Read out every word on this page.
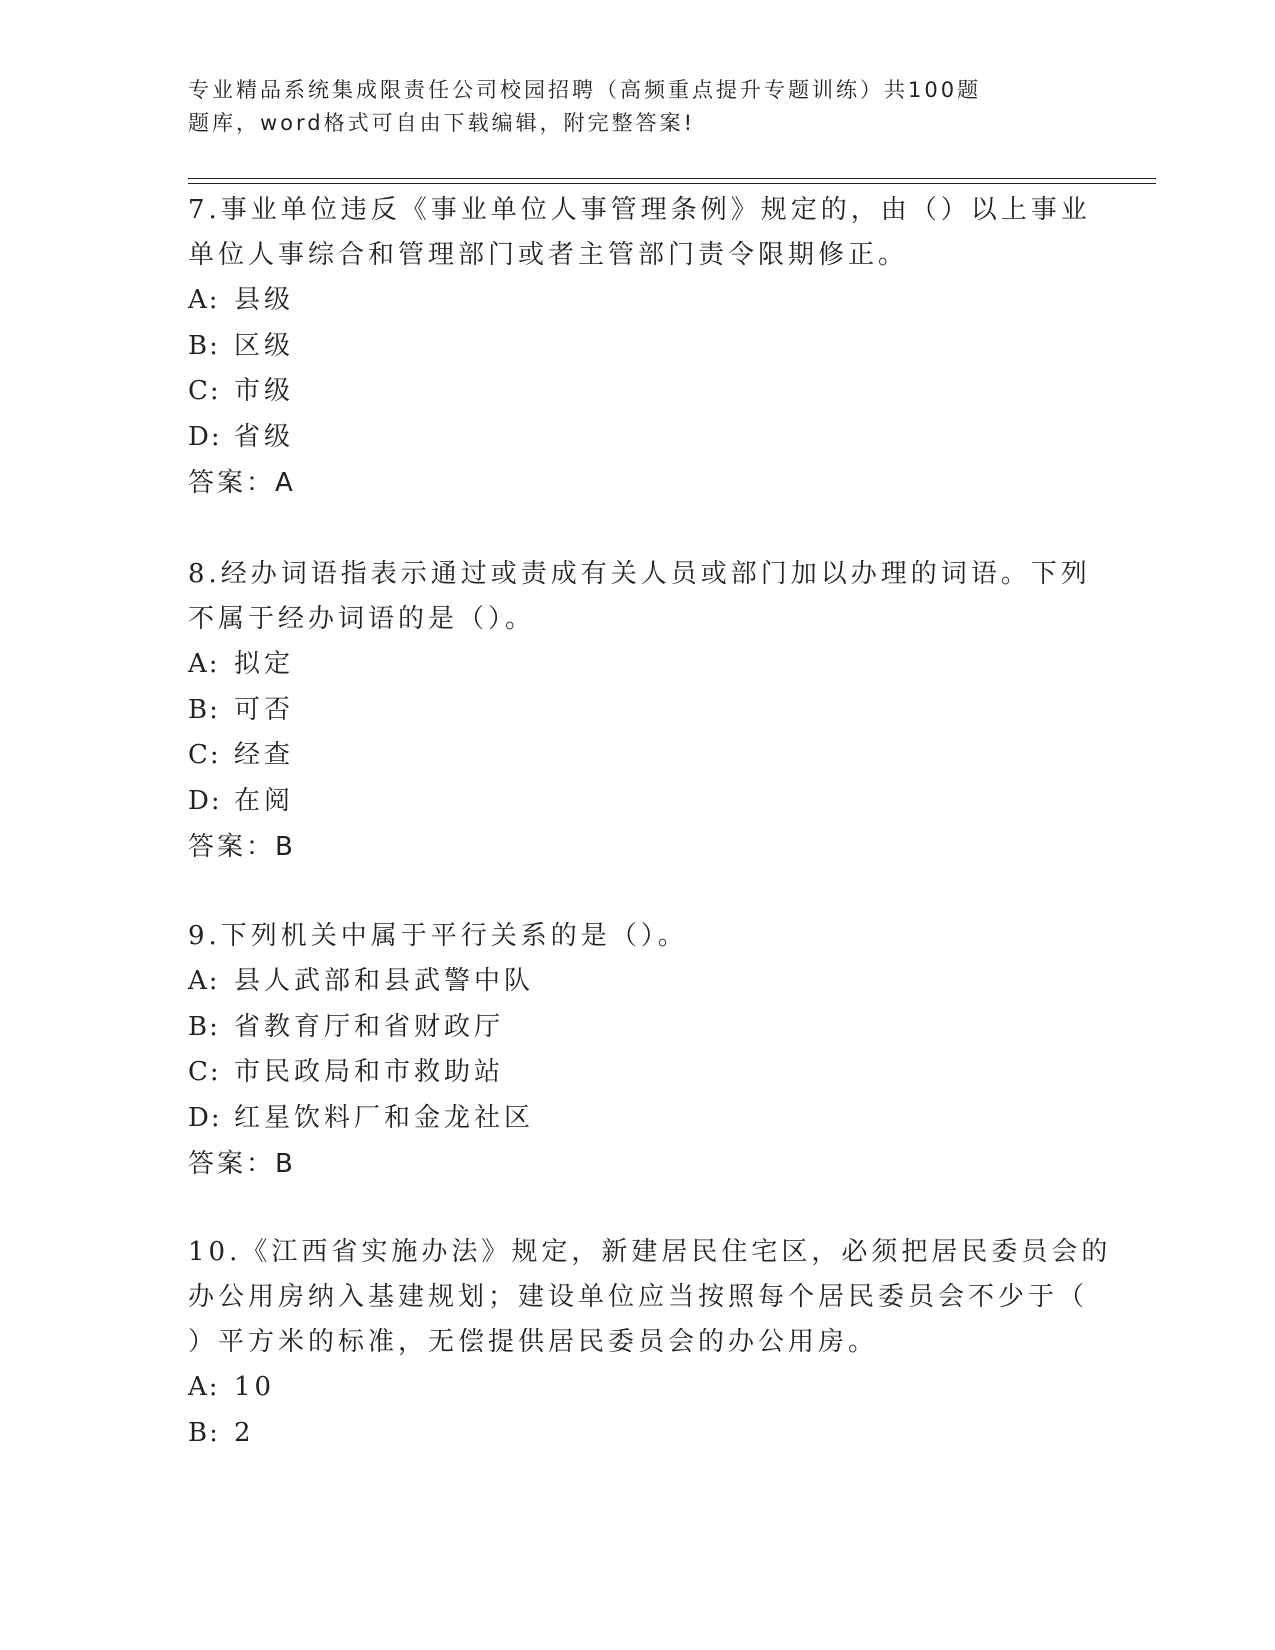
专业精品系统集成限责任公司校园招聘（高频重点提升专题训练）共100题
题库，word格式可自由下载编辑，附完整答案!
7.事业单位违反《事业单位人事管理条例》规定的，由（）以上事业
单位人事综合和管理部门或者主管部门责令限期修正。
A: 县级
B: 区级
C: 市级
D: 省级
答案：A
8.经办词语指表示通过或责成有关人员或部门加以办理的词语。下列
不属于经办词语的是（）。
A: 拟定
B: 可否
C: 经查
D: 在阅
答案：B
9.下列机关中属于平行关系的是（）。
A: 县人武部和县武警中队
B: 省教育厅和省财政厅
C: 市民政局和市救助站
D: 红星饮料厂和金龙社区
答案：B
10.《江西省实施办法》规定，新建居民住宅区，必须把居民委员会的
办公用房纳入基建规划；建设单位应当按照每个居民委员会不少于（
）平方米的标准，无偿提供居民委员会的办公用房。
A: 10
B: 2
